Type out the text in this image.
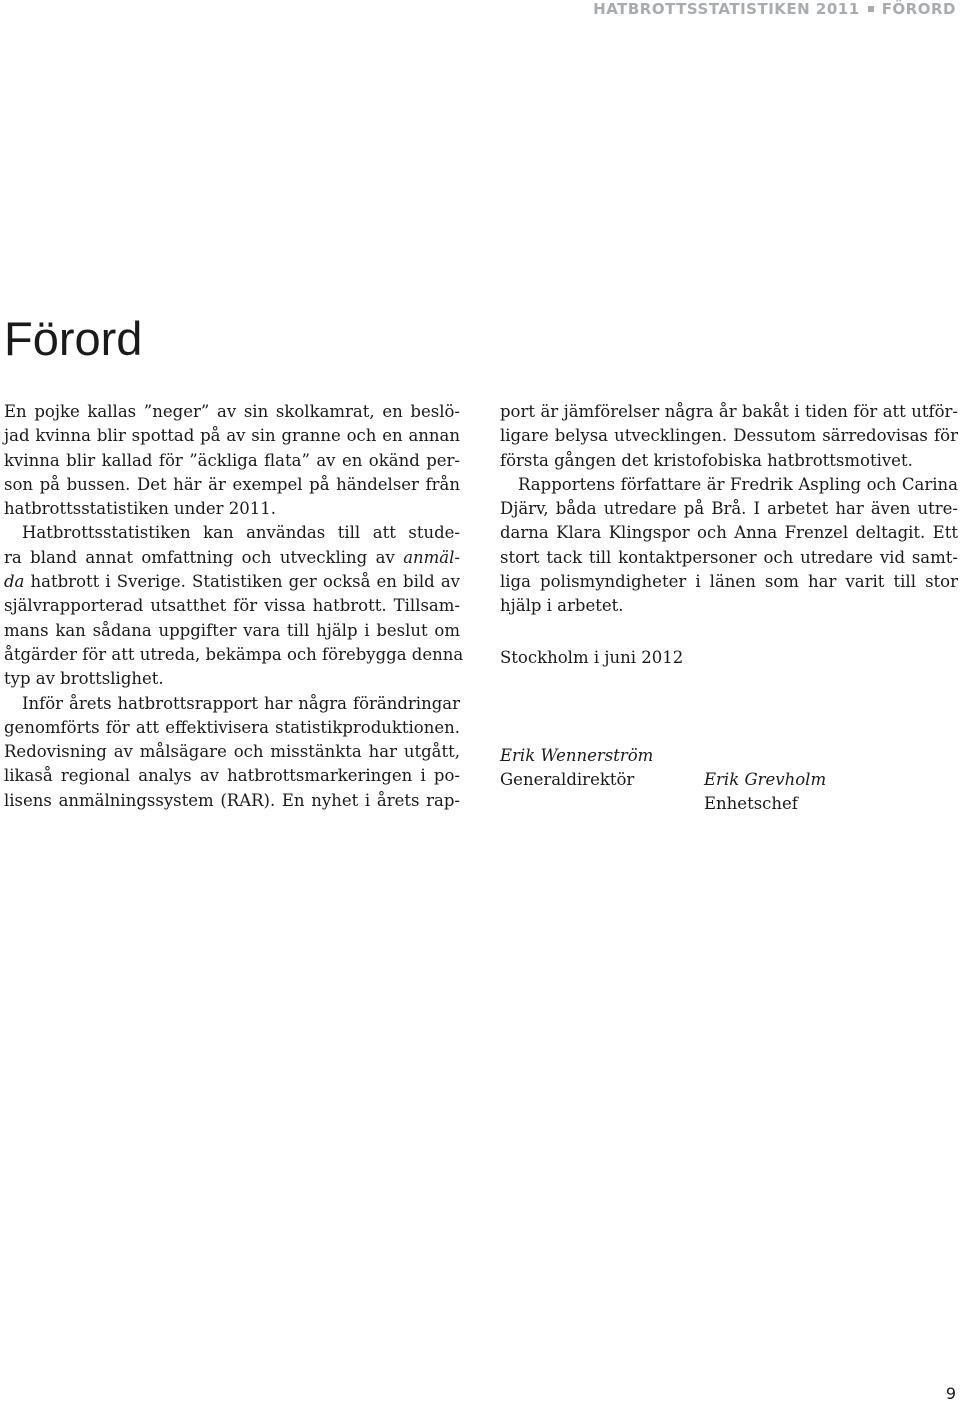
HATBROTTSSTATISTIKEN 2011 FÖRORD
Förord
En pojke kallas ”neger” av sin skolkamrat, en beslö-
jad kvinna blir spottad på av sin granne och en annan
kvinna blir kallad för ”äckliga flata” av en okänd per-
son på bussen. Det här är exempel på händelser från
hatbrottsstatistiken under 2011.
Hatbrottsstatistiken kan användas till att stude-
ra bland annat omfattning och utveckling av anmäl-
da hatbrott i Sverige. Statistiken ger också en bild av
självrapporterad utsatthet för vissa hatbrott. Tillsam-
mans kan sådana uppgifter vara till hjälp i beslut om
åtgärder för att utreda, bekämpa och förebygga denna
typ av brottslighet.
Inför årets hatbrottsrapport har några förändringar
genomförts för att effektivisera statistikproduktionen.
Redovisning av målsägare och misstänkta har utgått,
likaså regional analys av hatbrottsmarkeringen i po-
lisens anmälningssystem (RAR). En nyhet i årets rap-
port är jämförelser några år bakåt i tiden för att utför-
ligare belysa utvecklingen. Dessutom särredovisas för
första gången det kristofobiska hatbrottsmotivet.
Rapportens författare är Fredrik Aspling och Carina
Djärv, båda utredare på Brå. I arbetet har även utre-
darna Klara Klingspor och Anna Frenzel deltagit. Ett
stort tack till kontaktpersoner och utredare vid samt-
liga polismyndigheter i länen som har varit till stor
hjälp i arbetet.

Stockholm i juni 2012

Erik Wennerström
Generaldirektör	Erik Grevholm
Enhetschef
9
